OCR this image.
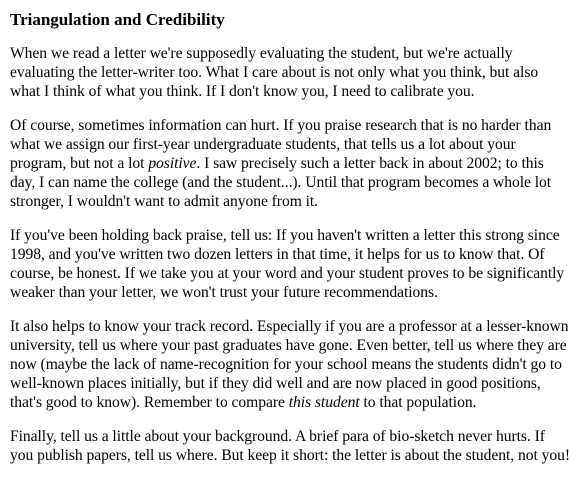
Triangulation and Credibility

When we read a letter we're supposedly evaluating the student, but we're actually evaluating the letter-writer too. What I care about is not only what you think, but also what I think of what you think. If I don't know you, I need to calibrate you.

Of course, sometimes information can hurt. If you praise research that is no harder than what we assign our first-year undergraduate students, that tells us a lot about your program, but not a lot positive. I saw precisely such a letter back in about 2002; to this day, I can name the college (and the student...). Until that program becomes a whole lot stronger, I wouldn't want to admit anyone from it.

If you've been holding back praise, tell us: If you haven't written a letter this strong since 1998, and you've written two dozen letters in that time, it helps for us to know that. Of course, be honest. If we take you at your word and your student proves to be significantly weaker than your letter, we won't trust your future recommendations.

It also helps to know your track record. Especially if you are a professor at a lesser-known university, tell us where your past graduates have gone. Even better, tell us where they are now (maybe the lack of name-recognition for your school means the students didn't go to well-known places initially, but if they did well and are now placed in good positions, that's good to know). Remember to compare this student to that population.

Finally, tell us a little about your background. A brief para of bio-sketch never hurts. If you publish papers, tell us where. But keep it short: the letter is about the student, not you!
